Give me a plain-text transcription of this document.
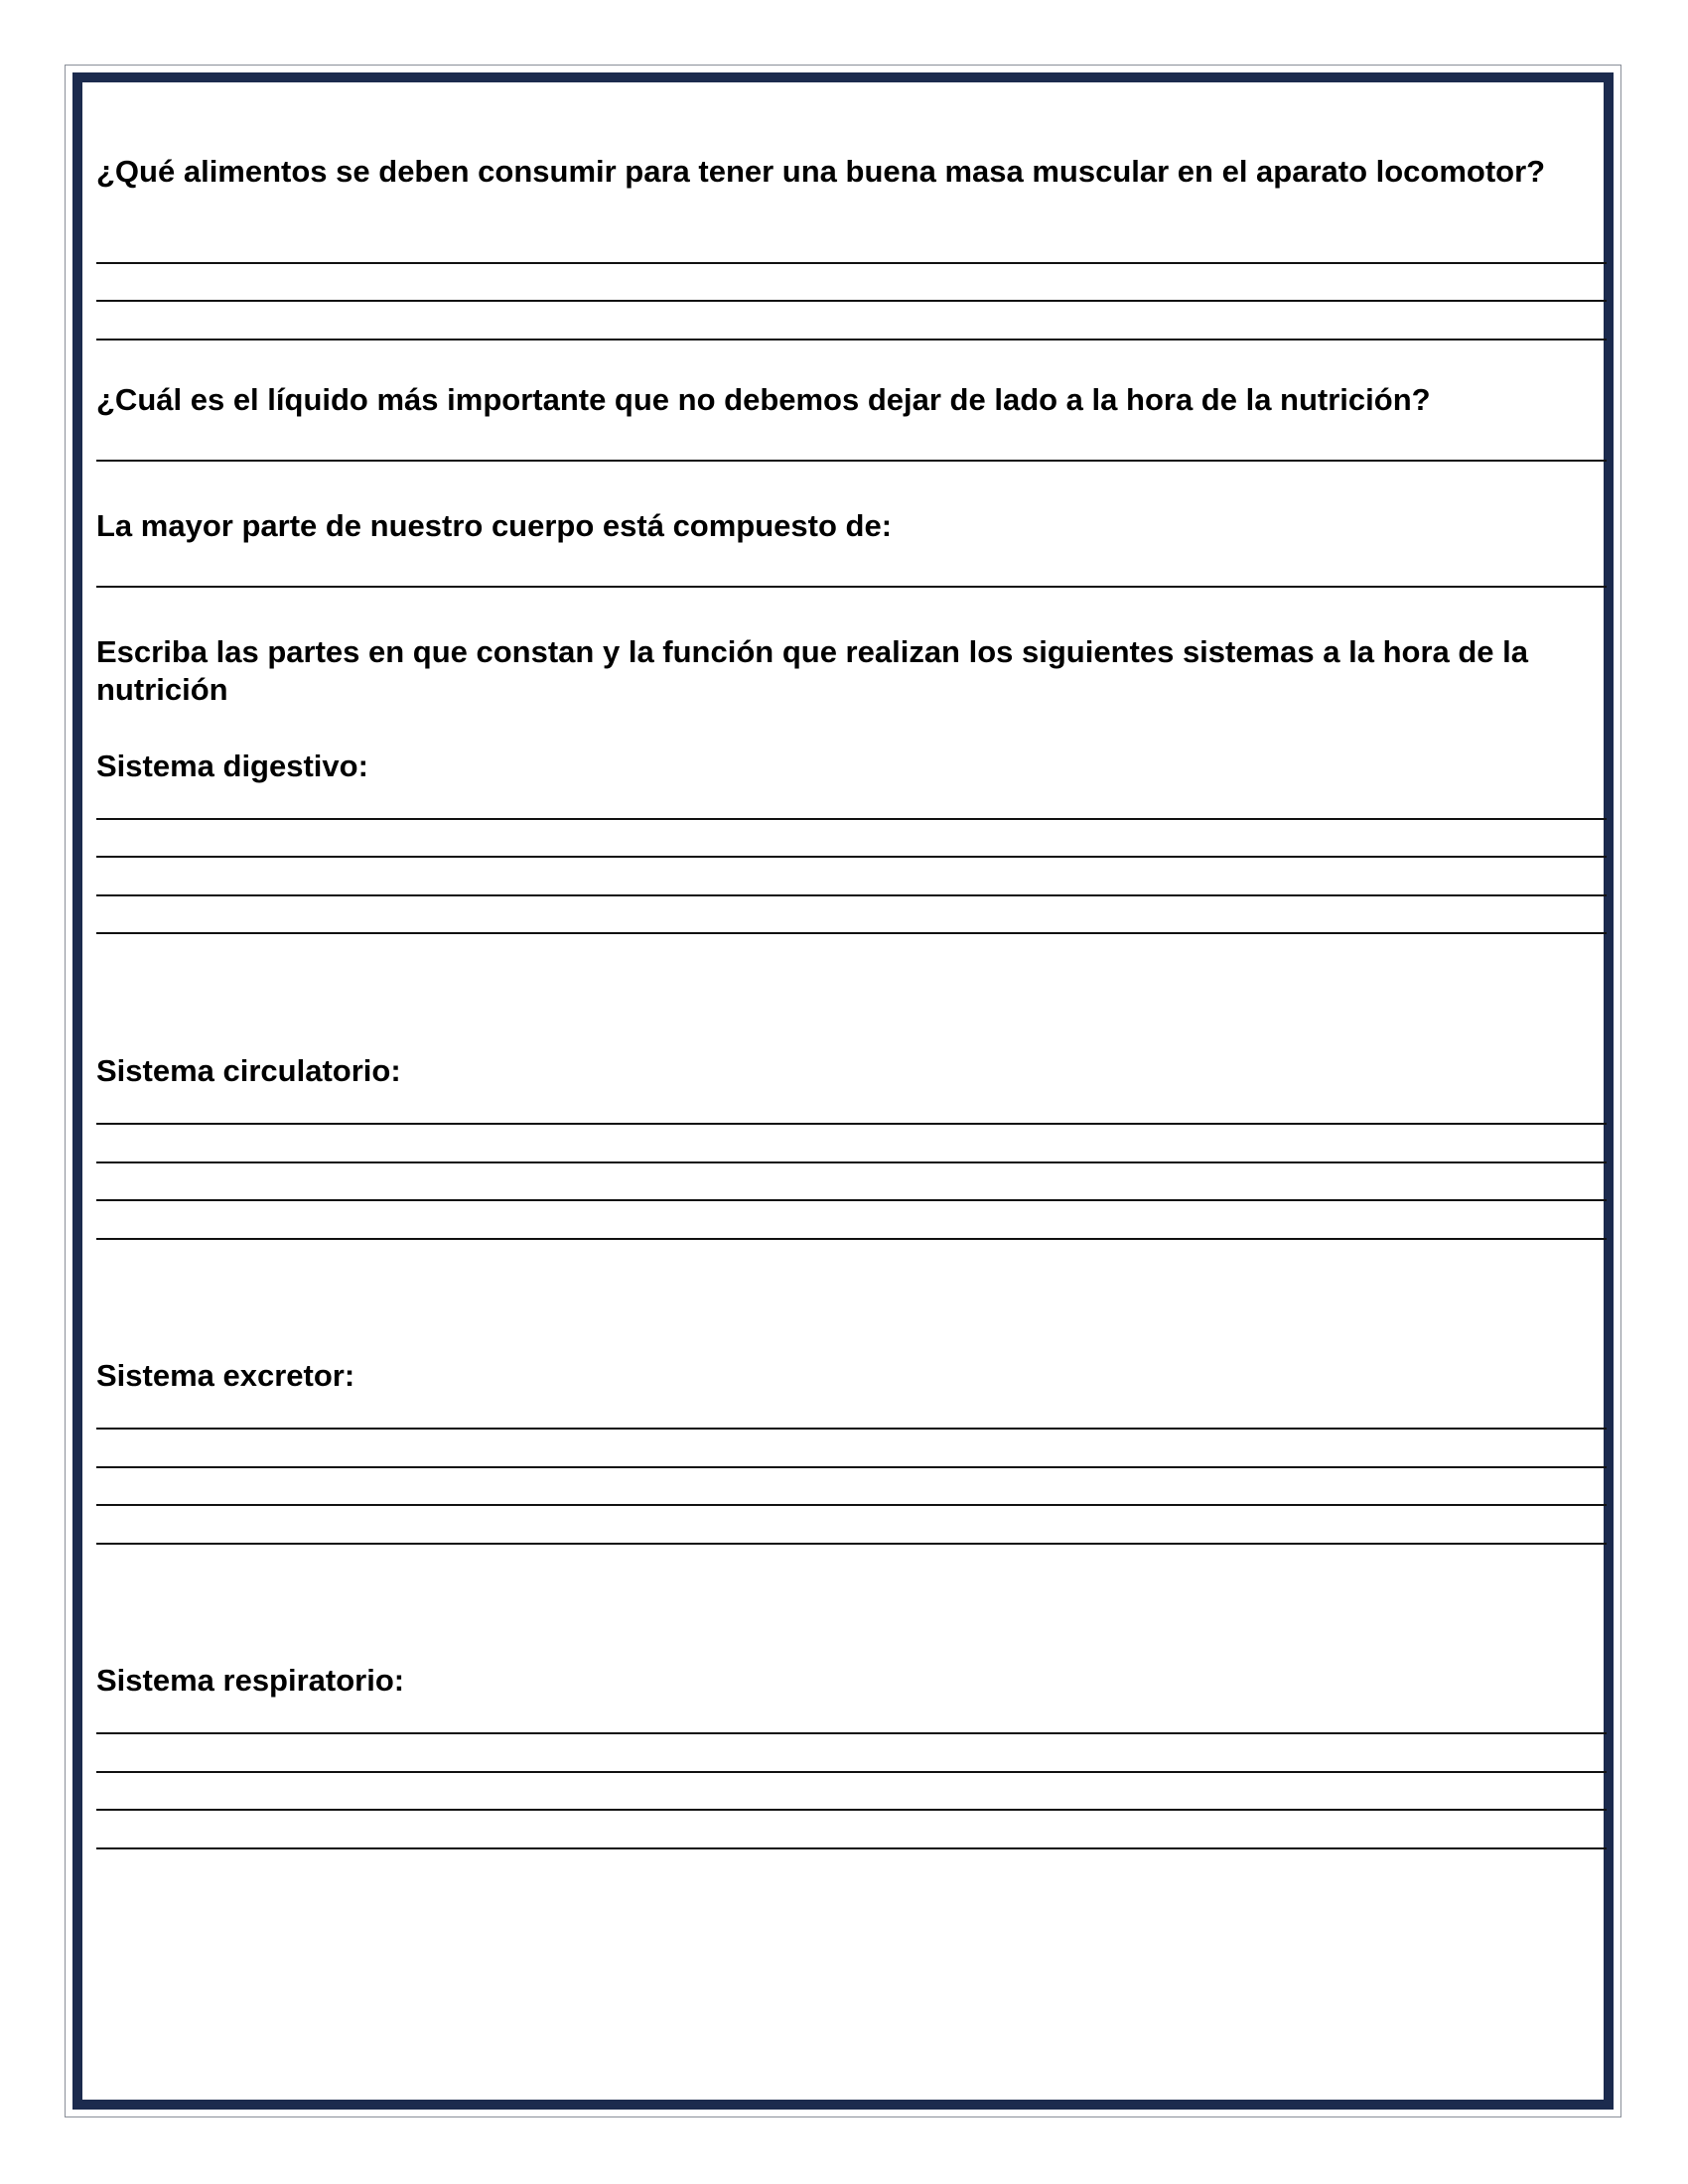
¿Qué alimentos se deben consumir para tener una buena masa muscular en el aparato locomotor?

¿Cuál es el líquido más importante que no debemos dejar de lado a la hora de la nutrición?

La mayor parte de nuestro cuerpo está compuesto de:

Escriba las partes en que constan y la función que realizan los siguientes sistemas a la hora de la nutrición

Sistema digestivo:

Sistema circulatorio:

Sistema excretor:

Sistema respiratorio:
